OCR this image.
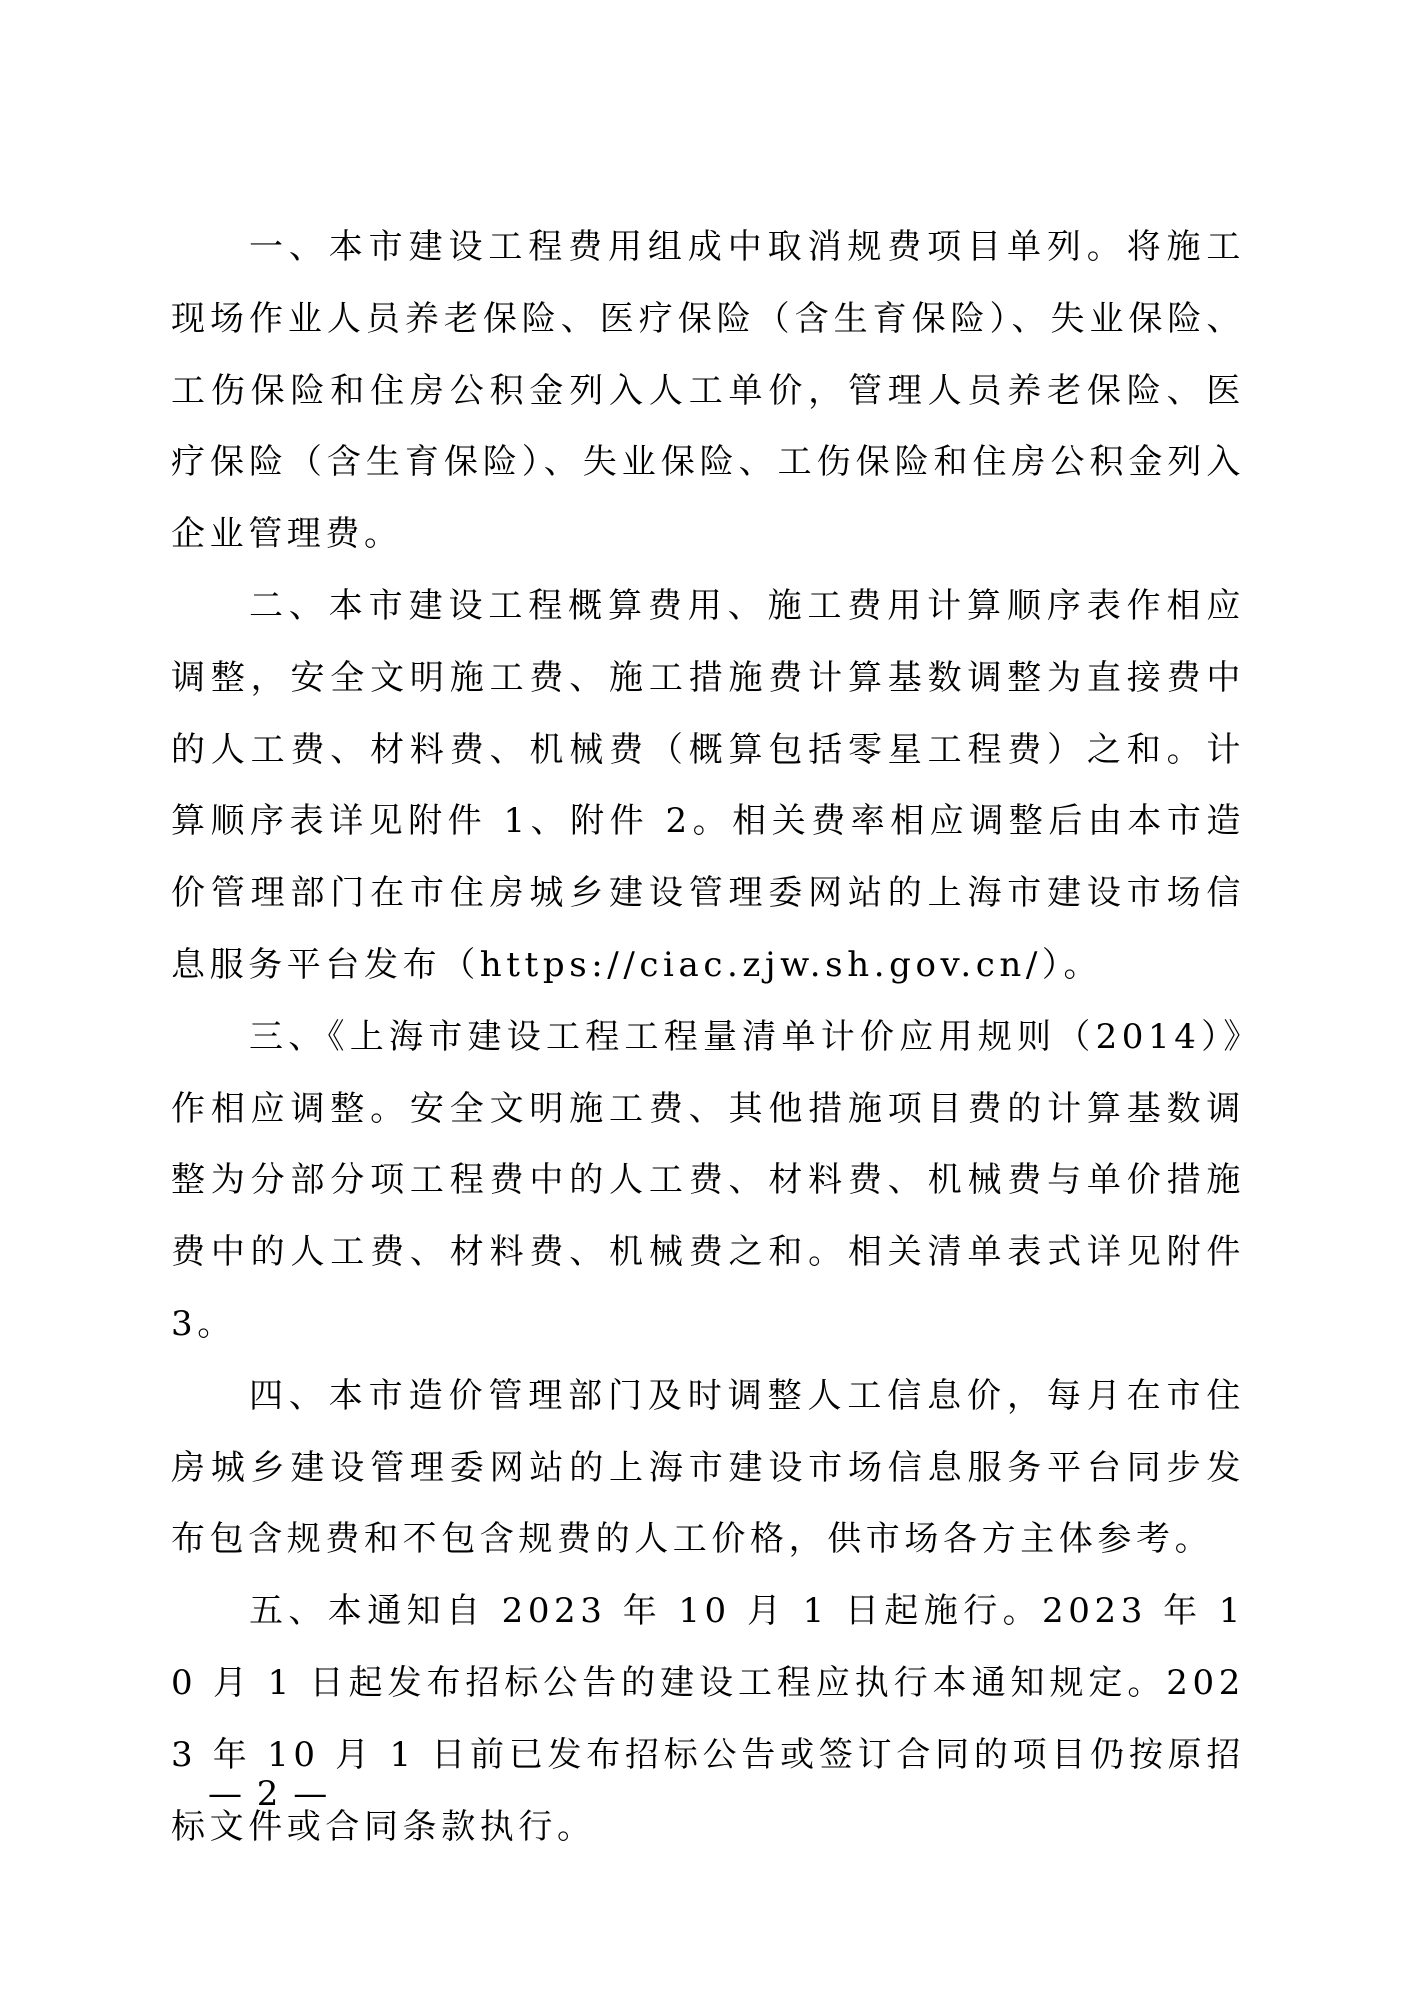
一、本市建设工程费用组成中取消规费项目单列。将施工现场作业人员养老保险、医疗保险（含生育保险）、失业保险、工伤保险和住房公积金列入人工单价，管理人员养老保险、医疗保险（含生育保险）、失业保险、工伤保险和住房公积金列入企业管理费。

二、本市建设工程概算费用、施工费用计算顺序表作相应调整，安全文明施工费、施工措施费计算基数调整为直接费中的人工费、材料费、机械费（概算包括零星工程费）之和。计算顺序表详见附件 1、附件 2。相关费率相应调整后由本市造价管理部门在市住房城乡建设管理委网站的上海市建设市场信息服务平台发布（https://ciac.zjw.sh.gov.cn/）。

三、《上海市建设工程工程量清单计价应用规则（2014）》作相应调整。安全文明施工费、其他措施项目费的计算基数调整为分部分项工程费中的人工费、材料费、机械费与单价措施费中的人工费、材料费、机械费之和。相关清单表式详见附件 3。

四、本市造价管理部门及时调整人工信息价，每月在市住房城乡建设管理委网站的上海市建设市场信息服务平台同步发布包含规费和不包含规费的人工价格，供市场各方主体参考。

五、本通知自 2023 年 10 月 1 日起施行。2023 年 10 月 1 日起发布招标公告的建设工程应执行本通知规定。2023 年 10 月 1 日前已发布招标公告或签订合同的项目仍按原招标文件或合同条款执行。

— 2 —
